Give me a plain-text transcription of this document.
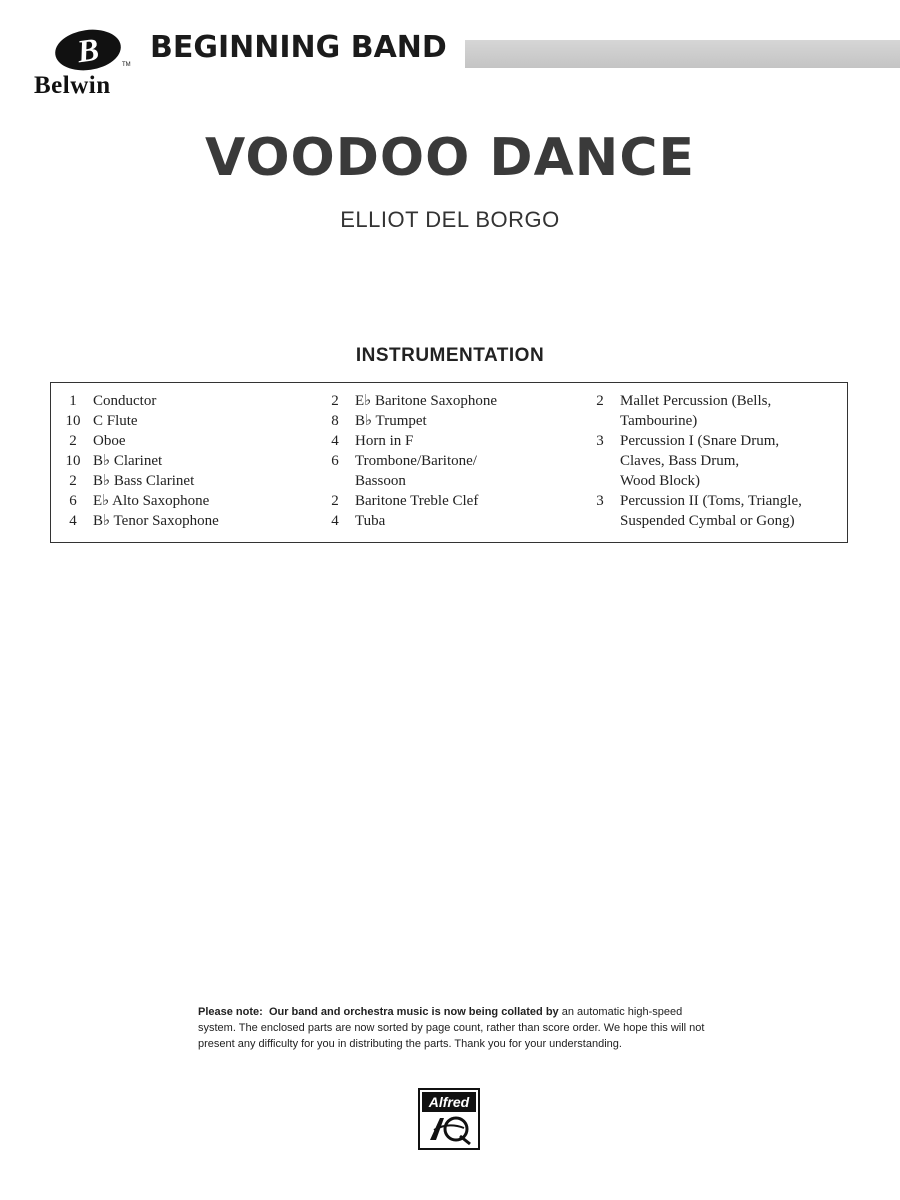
B	TM
Belwin
BEGINNING BAND
VOODOO DANCE
ELLIOT DEL BORGO
INSTRUMENTATION
1	Conductor
10 C Flute
2	Oboe
10 B♭ Clarinet
2	B♭ Bass Clarinet
6	E♭ Alto Saxophone
4	B♭ Tenor Saxophone
2	E♭ Baritone Saxophone
8	B♭ Trumpet
4	Horn in F
6	Trombone/Baritone/
Bassoon
2	Baritone Treble Clef
4	Tuba
2	Mallet Percussion (Bells,
Tambourine)
3	Percussion I (Snare Drum,
Claves, Bass Drum,
Wood Block)
3	Percussion II (Toms, Triangle,
Suspended Cymbal or Gong)
Please note: Our band and orchestra music is now being collated by an automatic high-speed system. The enclosed parts are now sorted by page count, rather than score order. We hope this will not present any difficulty for you in distributing the parts. Thank you for your understanding.
Alfred
